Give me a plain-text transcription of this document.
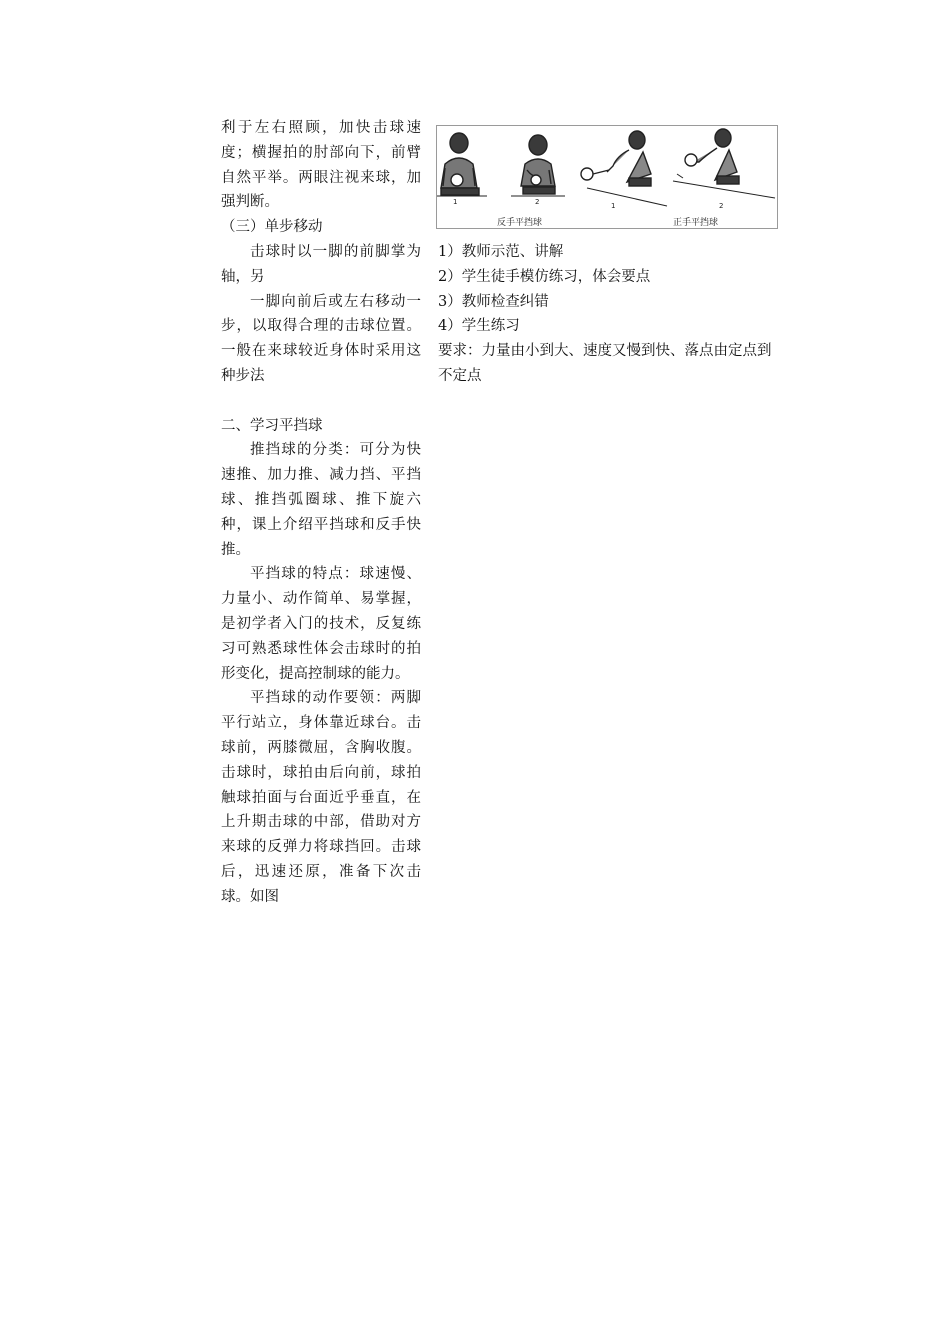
利于左右照顾，加快击球速度；横握拍的肘部向下，前臂自然平举。两眼注视来球，加强判断。

（三）单步移动

击球时以一脚的前脚掌为轴，另

一脚向前后或左右移动一步，以取得合理的击球位置。一般在来球较近身体时采用这种步法

二、学习平挡球

推挡球的分类：可分为快速推、加力推、减力挡、平挡球、推挡弧圈球、推下旋六种，课上介绍平挡球和反手快推。

平挡球的特点：球速慢、力量小、动作简单、易掌握，是初学者入门的技术，反复练习可熟悉球性体会击球时的拍形变化，提高控制球的能力。

平挡球的动作要领：两脚平行站立，身体靠近球台。击球前，两膝微屈，含胸收腹。击球时，球拍由后向前，球拍触球拍面与台面近乎垂直，在上升期击球的中部，借助对方来球的反弹力将球挡回。击球后，迅速还原，准备下次击球。如图

1	2	1	2
反手平挡球	正手平挡球

1）教师示范、讲解

2）学生徒手模仿练习，体会要点

3）教师检查纠错

4）学生练习

要求：力量由小到大、速度又慢到快、落点由定点到不定点
